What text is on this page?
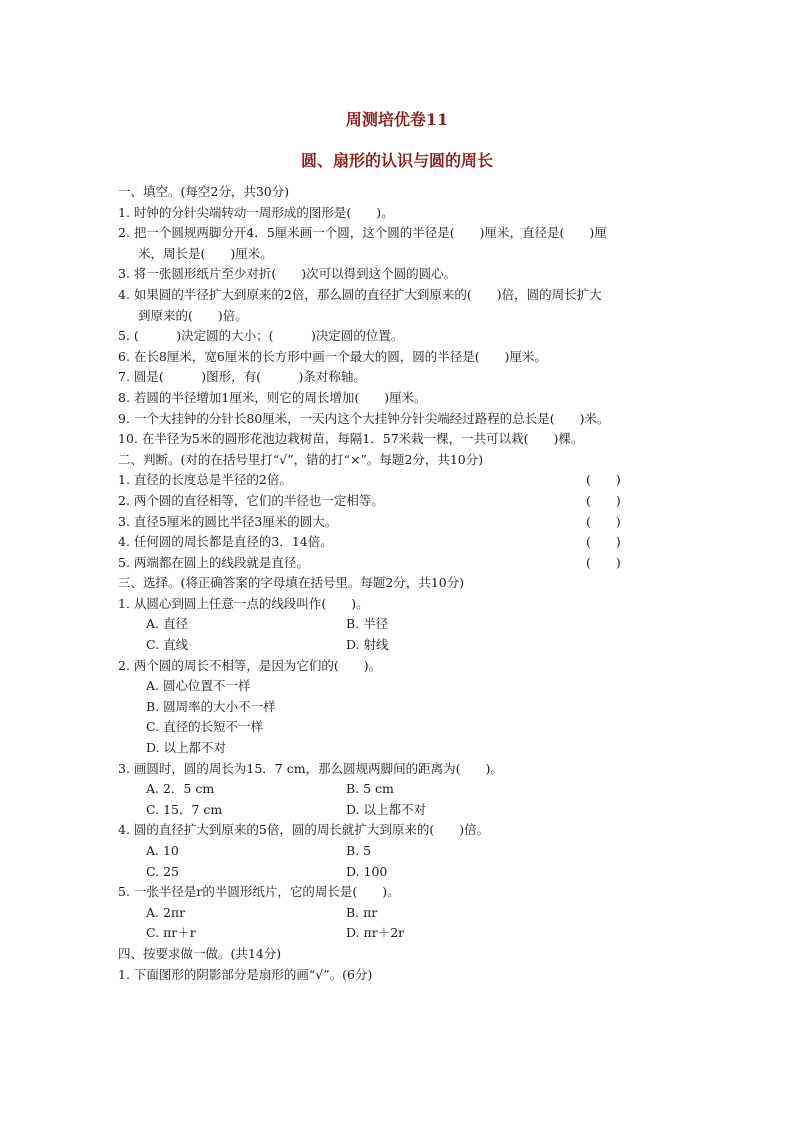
周测培优卷11
圆、扇形的认识与圆的周长
一、填空。(每空2分，共30分)
1. 时钟的分针尖端转动一周形成的图形是(　　)。
2. 把一个圆规两脚分开4．5厘米画一个圆，这个圆的半径是(　　)厘米，直径是(　　)厘
米，周长是(　　)厘米。
3. 将一张圆形纸片至少对折(　　)次可以得到这个圆的圆心。
4. 如果圆的半径扩大到原来的2倍，那么圆的直径扩大到原来的(　　)倍，圆的周长扩大
到原来的(　　)倍。
5. (　　　)决定圆的大小；(　　　)决定圆的位置。
6. 在长8厘米，宽6厘米的长方形中画一个最大的圆，圆的半径是(　　)厘米。
7. 圆是(　　　)图形，有(　　　)条对称轴。
8. 若圆的半径增加1厘米，则它的周长增加(　　)厘米。
9. 一个大挂钟的分针长80厘米，一天内这个大挂钟分针尖端经过路程的总长是(　　)米。
10. 在半径为5米的圆形花池边栽树苗，每隔1．57米栽一棵，一共可以栽(　　)棵。
二、判断。(对的在括号里打“√”，错的打“×”。每题2分，共10分)
1. 直径的长度总是半径的2倍。	(　　)
2. 两个圆的直径相等，它们的半径也一定相等。	(　　)
3. 直径5厘米的圆比半径3厘米的圆大。	(　　)
4. 任何圆的周长都是直径的3．14倍。	(　　)
5. 两端都在圆上的线段就是直径。	(　　)
三、选择。(将正确答案的字母填在括号里。每题2分，共10分)
1. 从圆心到圆上任意一点的线段叫作(　　)。
A. 直径	B. 半径
C. 直线	D. 射线
2. 两个圆的周长不相等，是因为它们的(　　)。
A. 圆心位置不一样
B. 圆周率的大小不一样
C. 直径的长短不一样
D. 以上都不对
3. 画圆时，圆的周长为15．7 cm，那么圆规两脚间的距离为(　　)。
A. 2．5 cm	B. 5 cm
C. 15．7 cm	D. 以上都不对
4. 圆的直径扩大到原来的5倍，圆的周长就扩大到原来的(　　)倍。
A. 10	B. 5
C. 25	D. 100
5. 一张半径是r的半圆形纸片，它的周长是(　　)。
A. 2πr	B. πr
C. πr＋r	D. πr＋2r
四、按要求做一做。(共14分)
1. 下面图形的阴影部分是扇形的画“√”。(6分)
